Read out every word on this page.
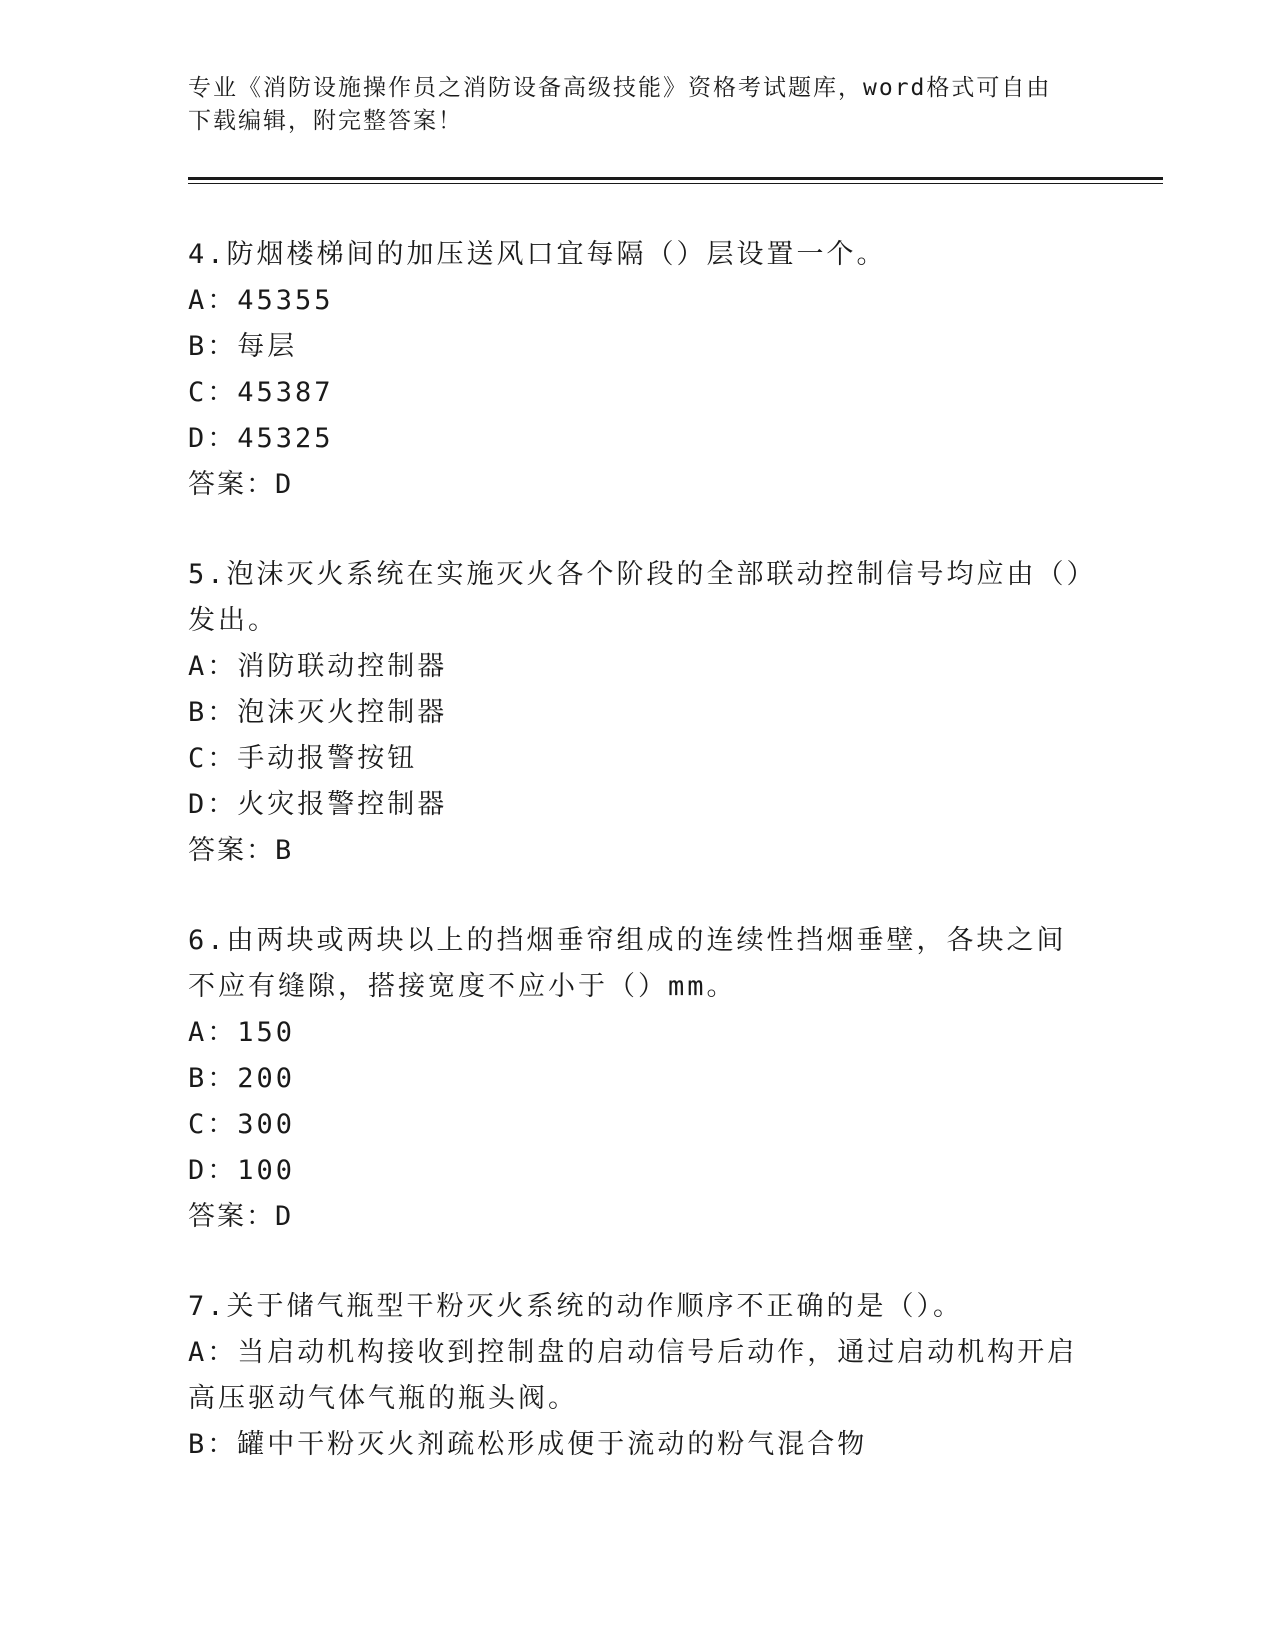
专业《消防设施操作员之消防设备高级技能》资格考试题库，word格式可自由下载编辑，附完整答案！
4.防烟楼梯间的加压送风口宜每隔（）层设置一个。
A：45355
B：每层
C：45387
D：45325
答案：D
5.泡沫灭火系统在实施灭火各个阶段的全部联动控制信号均应由（）发出。
A：消防联动控制器
B：泡沫灭火控制器
C：手动报警按钮
D：火灾报警控制器
答案：B
6.由两块或两块以上的挡烟垂帘组成的连续性挡烟垂壁，各块之间不应有缝隙，搭接宽度不应小于（）mm。
A：150
B：200
C：300
D：100
答案：D
7.关于储气瓶型干粉灭火系统的动作顺序不正确的是（）。
A：当启动机构接收到控制盘的启动信号后动作，通过启动机构开启高压驱动气体气瓶的瓶头阀。
B：罐中干粉灭火剂疏松形成便于流动的粉气混合物
